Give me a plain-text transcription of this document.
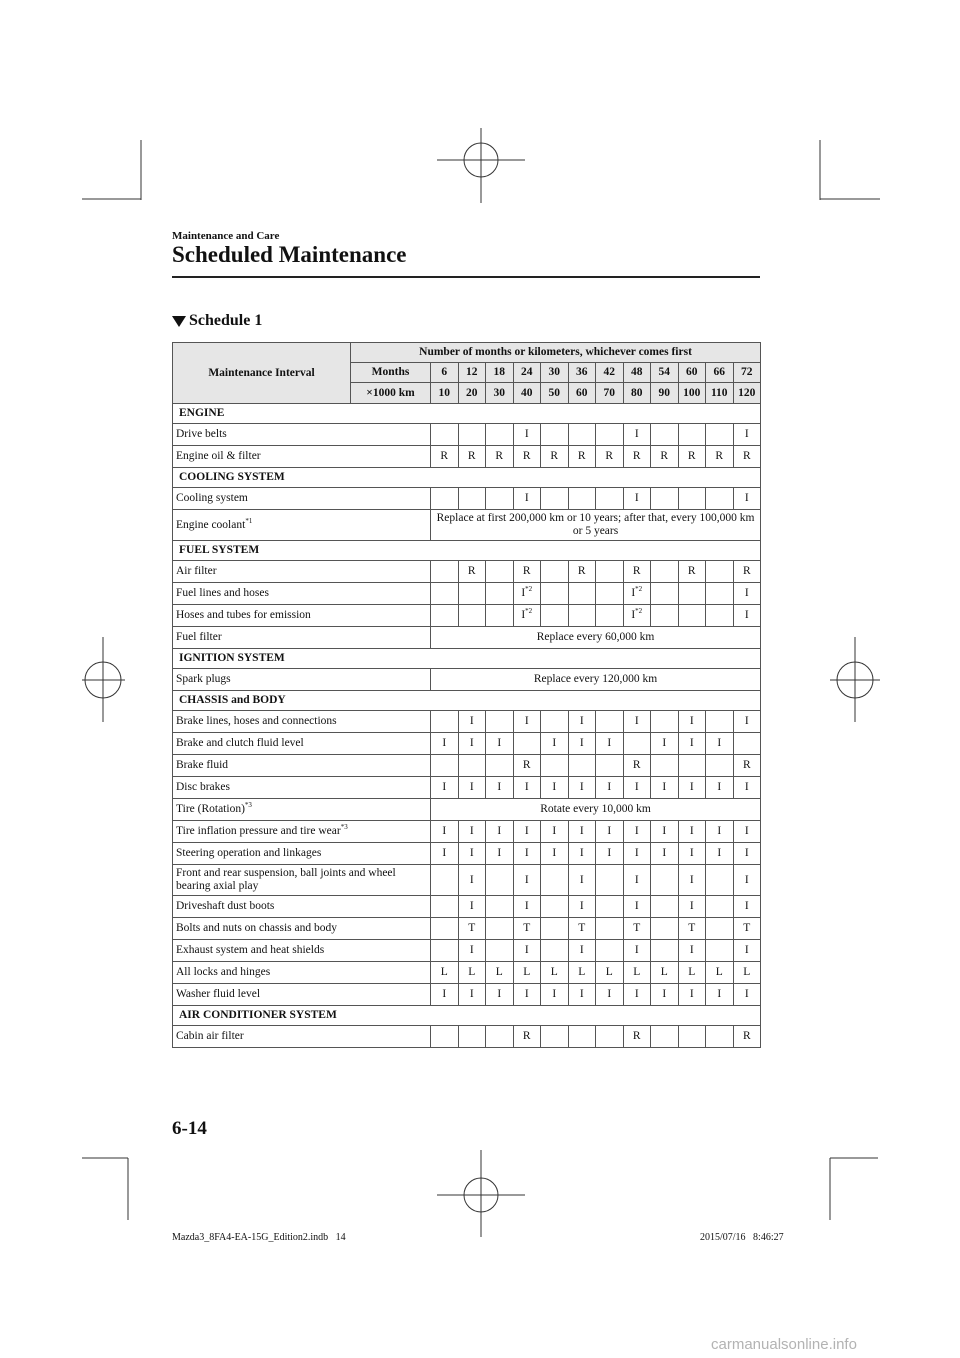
Maintenance and Care
Scheduled Maintenance
Schedule 1
Maintenance Interval	Number of months or kilometers, whichever comes first												
	Months	6	12	18	24	30	36	42	48	54	60	66	72
	×1000 km	10	20	30	40	50	60	70	80	90	100	110	120
ENGINE													
Drive belts					I				I				I
Engine oil & filter		R	R	R	R	R	R	R	R	R	R	R	R
COOLING SYSTEM													
Cooling system					I				I				I
Engine coolant$^{*1}$		Replace at first 200,000 km or 10 years; after that, every 100,000 km or 5 years											
FUEL SYSTEM													
Air filter			R		R		R		R		R		R
Fuel lines and hoses					$I^{*2}$				$I^{*2}$				I
Hoses and tubes for emission					$I^{*2}$				$I^{*2}$				I
Fuel filter		Replace every 60,000 km											
IGNITION SYSTEM													
Spark plugs		Replace every 120,000 km											
CHASSIS and BODY													
Brake lines, hoses and connections			I		I		I		I		I		I
Brake and clutch fluid level		I	I	I		I	I	I		I	I	I	
Brake fluid					R				R				R
Disc brakes		I	I	I	I	I	I	I	I	I	I	I	I
Tire (Rotation)$^{*3}$		Rotate every 10,000 km											
Tire inflation pressure and tire wear$^{*3}$		I	I	I	I	I	I	I	I	I	I	I	I
Steering operation and linkages		I	I	I	I	I	I	I	I	I	I	I	I
Front and rear suspension, ball joints and wheel bearing axial play			I		I		I		I		I		I
Driveshaft dust boots			I		I		I		I		I		I
Bolts and nuts on chassis and body			T		T		T		T		T		T
Exhaust system and heat shields			I		I		I		I		I		I
All locks and hinges		L	L	L	L	L	L	L	L	L	L	L	L
Washer fluid level		I	I	I	I	I	I	I	I	I	I	I	I
AIR CONDITIONER SYSTEM													
Cabin air filter					R				R				R
6-14
Mazda3_8FA4-EA-15G_Edition2.indb   14	2015/07/16   8:46:27
carmanualsonline.info
